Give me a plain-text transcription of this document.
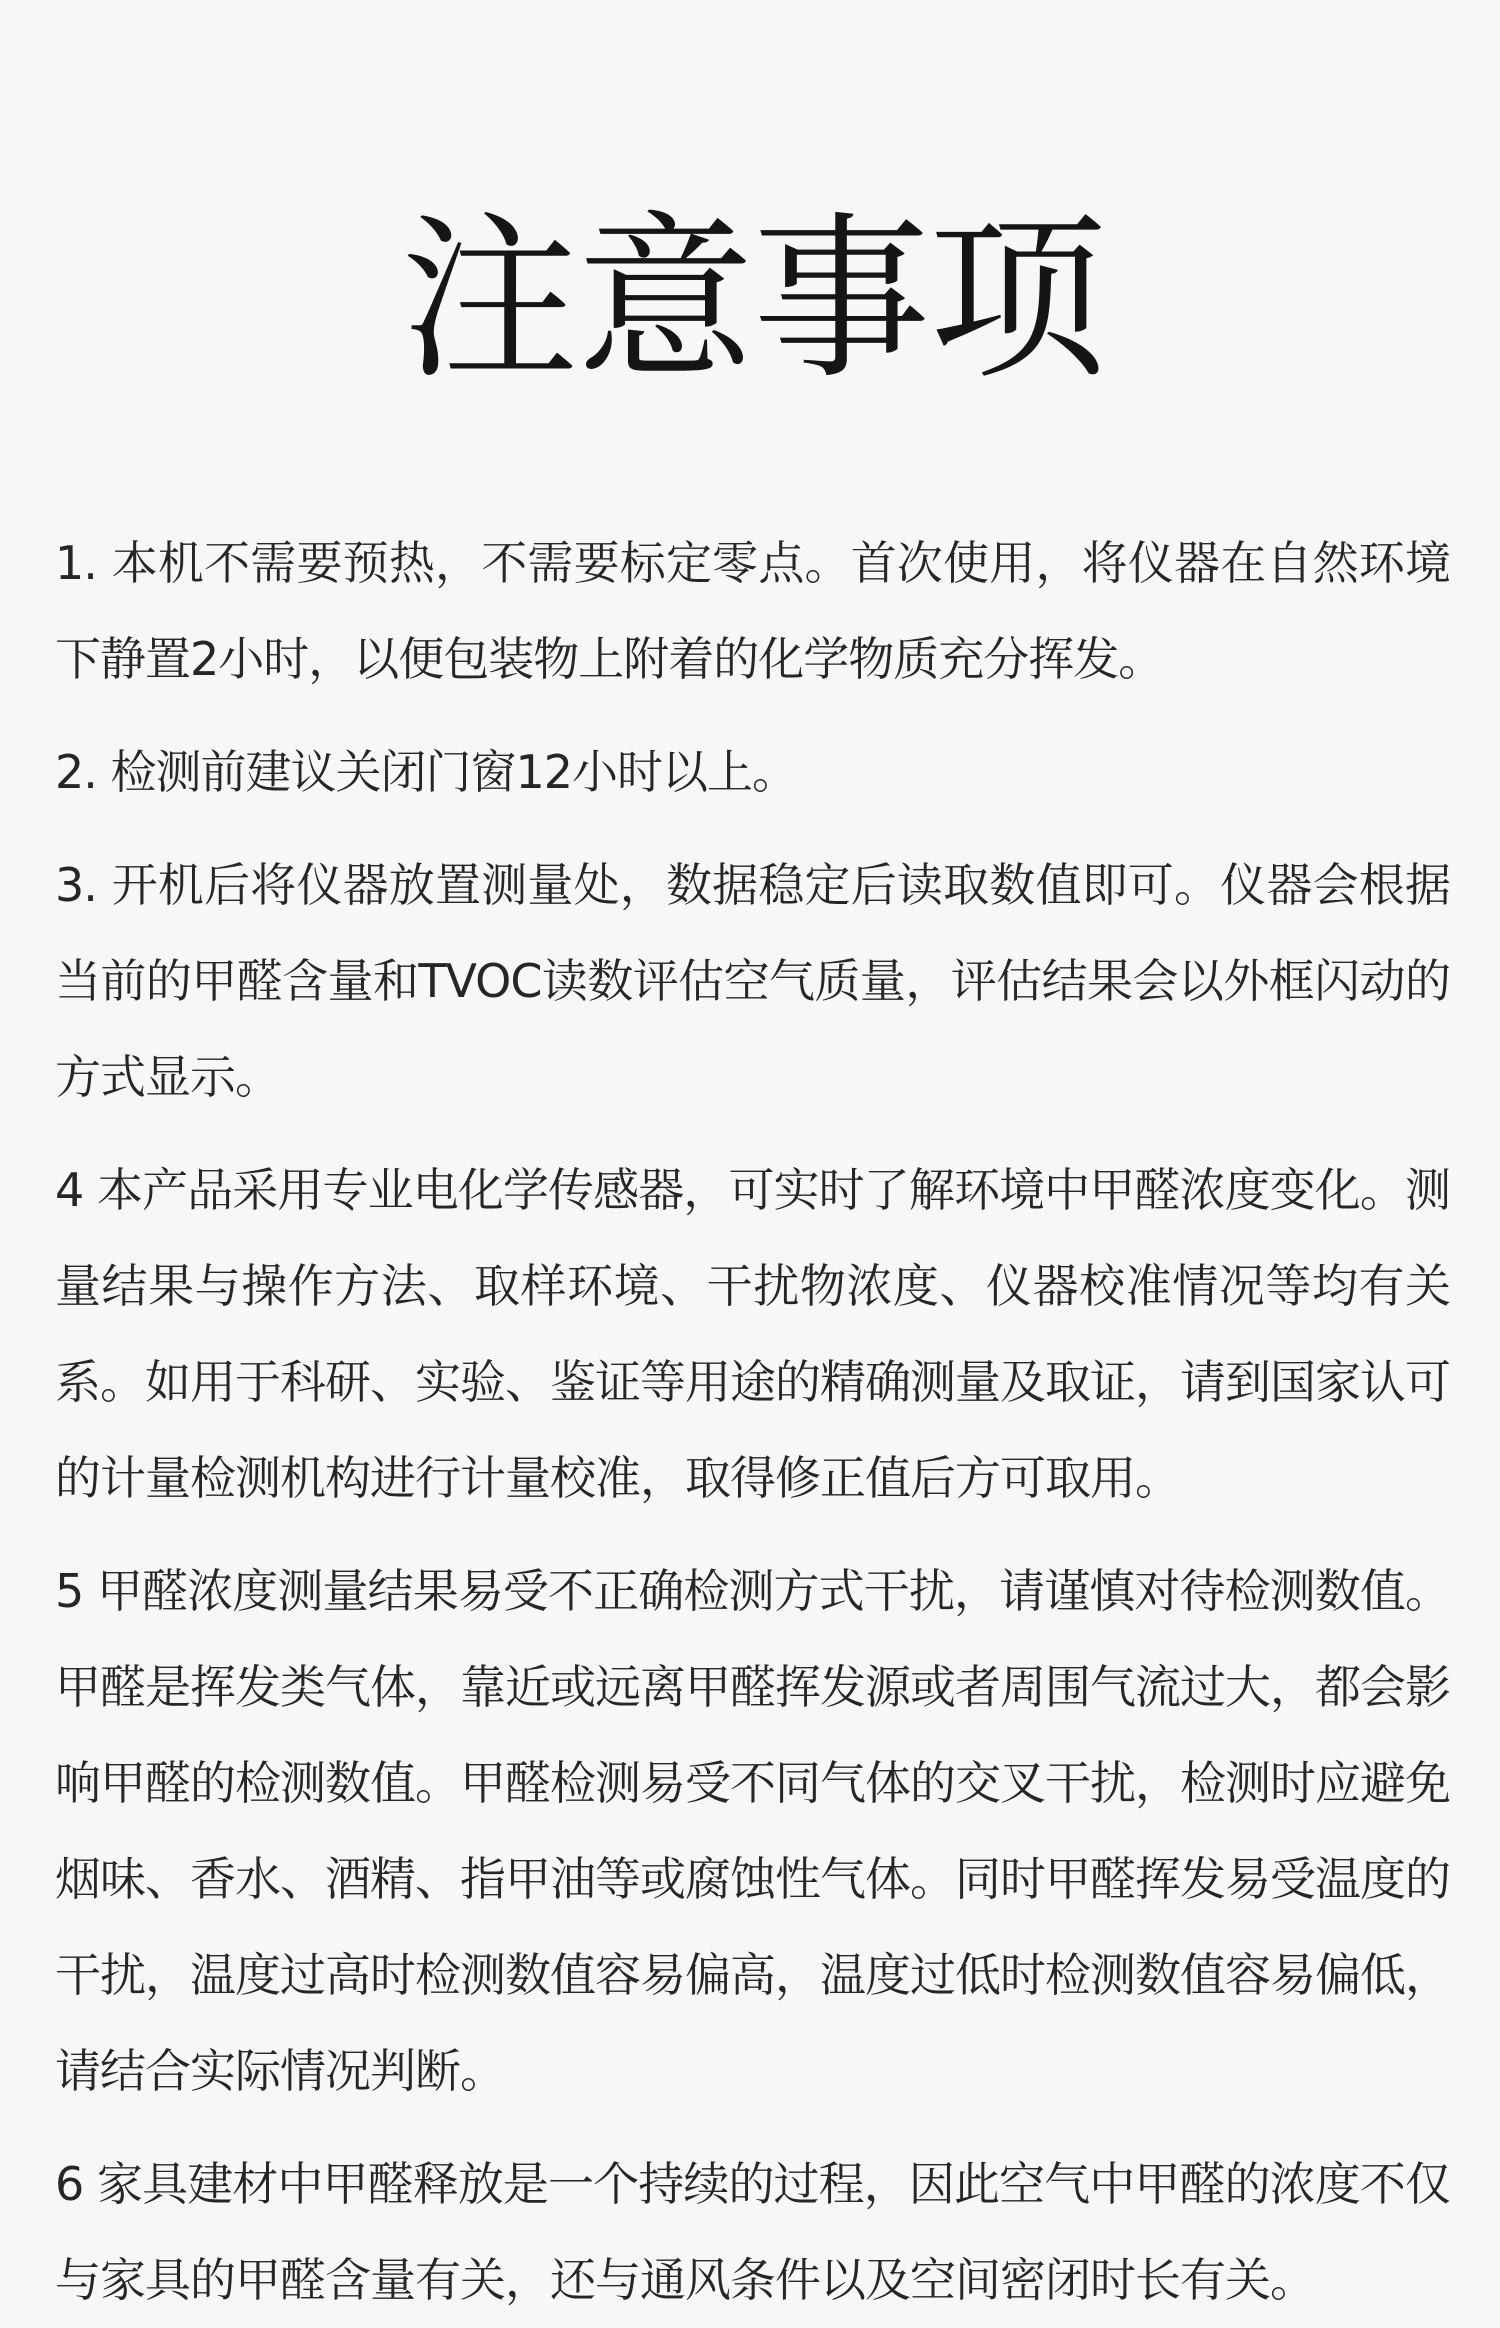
注意事项

1. 本机不需要预热，不需要标定零点。首次使用，将仪器在自然环境下静置2小时，以便包装物上附着的化学物质充分挥发。

2. 检测前建议关闭门窗12小时以上。

3. 开机后将仪器放置测量处，数据稳定后读取数值即可。仪器会根据当前的甲醛含量和TVOC读数评估空气质量，评估结果会以外框闪动的方式显示。

4 本产品采用专业电化学传感器，可实时了解环境中甲醛浓度变化。测量结果与操作方法、取样环境、干扰物浓度、仪器校准情况等均有关系。如用于科研、实验、鉴证等用途的精确测量及取证，请到国家认可的计量检测机构进行计量校准，取得修正值后方可取用。

5 甲醛浓度测量结果易受不正确检测方式干扰，请谨慎对待检测数值。甲醛是挥发类气体，靠近或远离甲醛挥发源或者周围气流过大，都会影响甲醛的检测数值。甲醛检测易受不同气体的交叉干扰，检测时应避免烟味、香水、酒精、指甲油等或腐蚀性气体。同时甲醛挥发易受温度的干扰，温度过高时检测数值容易偏高，温度过低时检测数值容易偏低，请结合实际情况判断。

6 家具建材中甲醛释放是一个持续的过程，因此空气中甲醛的浓度不仅与家具的甲醛含量有关，还与通风条件以及空间密闭时长有关。
